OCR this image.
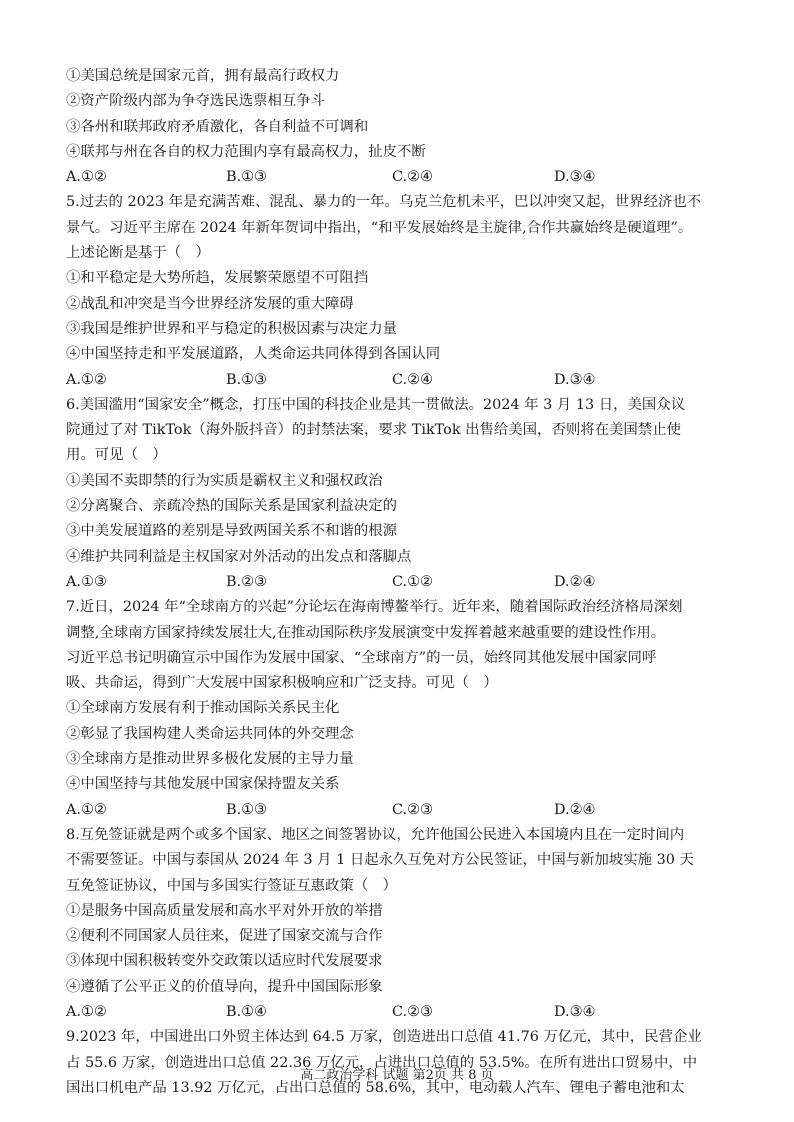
①美国总统是国家元首，拥有最高行政权力
②资产阶级内部为争夺选民选票相互争斗
③各州和联邦政府矛盾激化，各自利益不可调和
④联邦与州在各自的权力范围内享有最高权力，扯皮不断
A.①②	B.①③	C.②④	D.③④
5.过去的 2023 年是充满苦难、混乱、暴力的一年。乌克兰危机未平，巴以冲突又起，世界经济也不
景气。习近平主席在 2024 年新年贺词中指出，“和平发展始终是主旋律,合作共赢始终是硬道理”。
上述论断是基于（　）
①和平稳定是大势所趋，发展繁荣愿望不可阻挡
②战乱和冲突是当今世界经济发展的重大障碍
③我国是维护世界和平与稳定的积极因素与决定力量
④中国坚持走和平发展道路，人类命运共同体得到各国认同
A.①②	B.①③	C.②④	D.③④
6.美国滥用“国家安全”概念，打压中国的科技企业是其一贯做法。2024 年 3 月 13 日，美国众议
院通过了对 TikTok（海外版抖音）的封禁法案，要求 TikTok 出售给美国，否则将在美国禁止使
用。可见（　）
①美国不卖即禁的行为实质是霸权主义和强权政治
②分离聚合、亲疏冷热的国际关系是国家利益决定的
③中美发展道路的差别是导致两国关系不和谐的根源
④维护共同利益是主权国家对外活动的出发点和落脚点
A.①③	B.②③	C.①②	D.②④
7.近日，2024 年“全球南方的兴起”分论坛在海南博鳌举行。近年来，随着国际政治经济格局深刻
调整,全球南方国家持续发展壮大,在推动国际秩序发展演变中发挥着越来越重要的建设性作用。
习近平总书记明确宣示中国作为发展中国家、“全球南方”的一员，始终同其他发展中国家同呼
吸、共命运，得到广大发展中国家积极响应和广泛支持。可见（　）
①全球南方发展有利于推动国际关系民主化
②彰显了我国构建人类命运共同体的外交理念
③全球南方是推动世界多极化发展的主导力量
④中国坚持与其他发展中国家保持盟友关系
A.①②	B.①③	C.②③	D.②④
8.互免签证就是两个或多个国家、地区之间签署协议，允许他国公民进入本国境内且在一定时间内
不需要签证。中国与泰国从 2024 年 3 月 1 日起永久互免对方公民签证，中国与新加坡实施 30 天
互免签证协议，中国与多国实行签证互惠政策（　）
①是服务中国高质量发展和高水平对外开放的举措
②便利不同国家人员往来，促进了国家交流与合作
③体现中国积极转变外交政策以适应时代发展要求
④遵循了公平正义的价值导向，提升中国国际形象
A.①②	B.①④	C.②③	D.③④
9.2023 年，中国进出口外贸主体达到 64.5 万家，创造进出口总值 41.76 万亿元，其中，民营企业
占 55.6 万家，创造进出口总值 22.36 万亿元，占进出口总值的 53.5%。在所有进出口贸易中，中
国出口机电产品 13.92 万亿元，占出口总值的 58.6%，其中，电动载人汽车、锂电子蓄电池和太
高二政治学科 试题 第2页 共 8 页
